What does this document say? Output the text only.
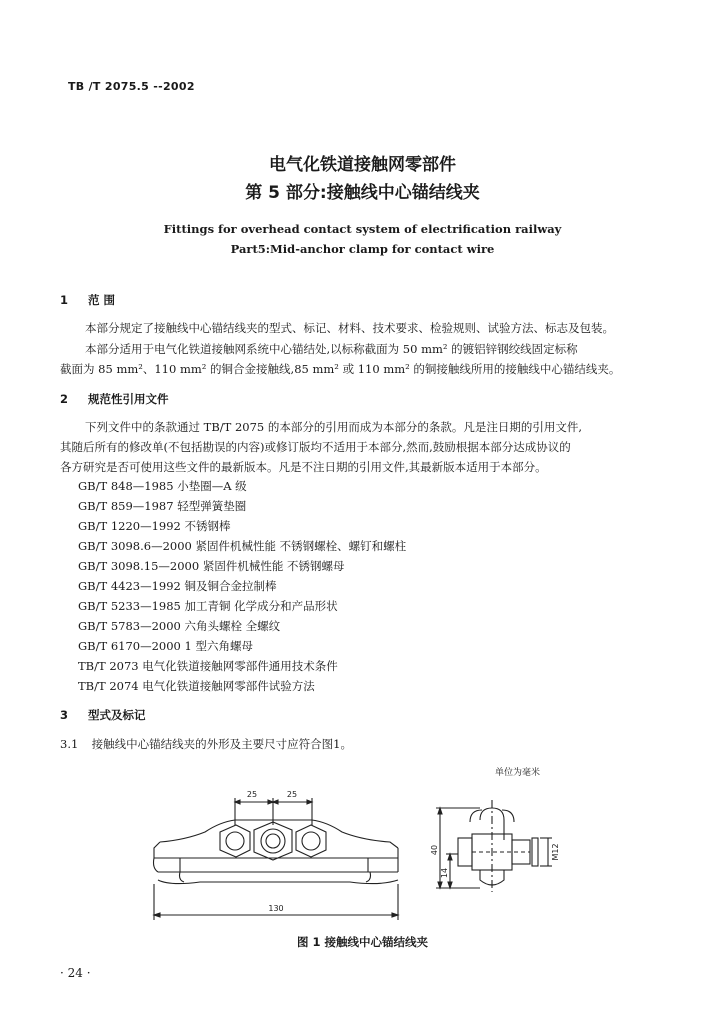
TB /T 2075.5 --2002
电气化铁道接触网零部件
第 5 部分:接触线中心锚结线夹
Fittings for overhead contact system of electrification railway
Part5:Mid-anchor clamp for contact wire
1 范 围
本部分规定了接触线中心锚结线夹的型式、标记、材料、技术要求、检验规则、试验方法、标志及包装。
本部分适用于电气化铁道接触网系统中心锚结处,以标称截面为 50 mm² 的镀铝锌钢绞线固定标称
截面为 85 mm²、110 mm² 的铜合金接触线,85 mm² 或 110 mm² 的铜接触线所用的接触线中心锚结线夹。
2 规范性引用文件
下列文件中的条款通过 TB/T 2075 的本部分的引用而成为本部分的条款。凡是注日期的引用文件,
其随后所有的修改单(不包括勘误的内容)或修订版均不适用于本部分,然而,鼓励根据本部分达成协议的
各方研究是否可使用这些文件的最新版本。凡是不注日期的引用文件,其最新版本适用于本部分。
GB/T 848—1985 小垫圈—A 级
GB/T 859—1987 轻型弹簧垫圈
GB/T 1220—1992 不锈钢棒
GB/T 3098.6—2000 紧固件机械性能 不锈钢螺栓、螺钉和螺柱
GB/T 3098.15—2000 紧固件机械性能 不锈钢螺母
GB/T 4423—1992 铜及铜合金拉制棒
GB/T 5233—1985 加工青铜 化学成分和产品形状
GB/T 5783—2000 六角头螺栓 全螺纹
GB/T 6170—2000 1 型六角螺母
TB/T 2073 电气化铁道接触网零部件通用技术条件
TB/T 2074 电气化铁道接触网零部件试验方法
3 型式及标记
3.1 接触线中心锚结线夹的外形及主要尺寸应符合图1。
单位为毫米
25	25
130
40
14
M12
图 1 接触线中心锚结线夹
· 24 ·
